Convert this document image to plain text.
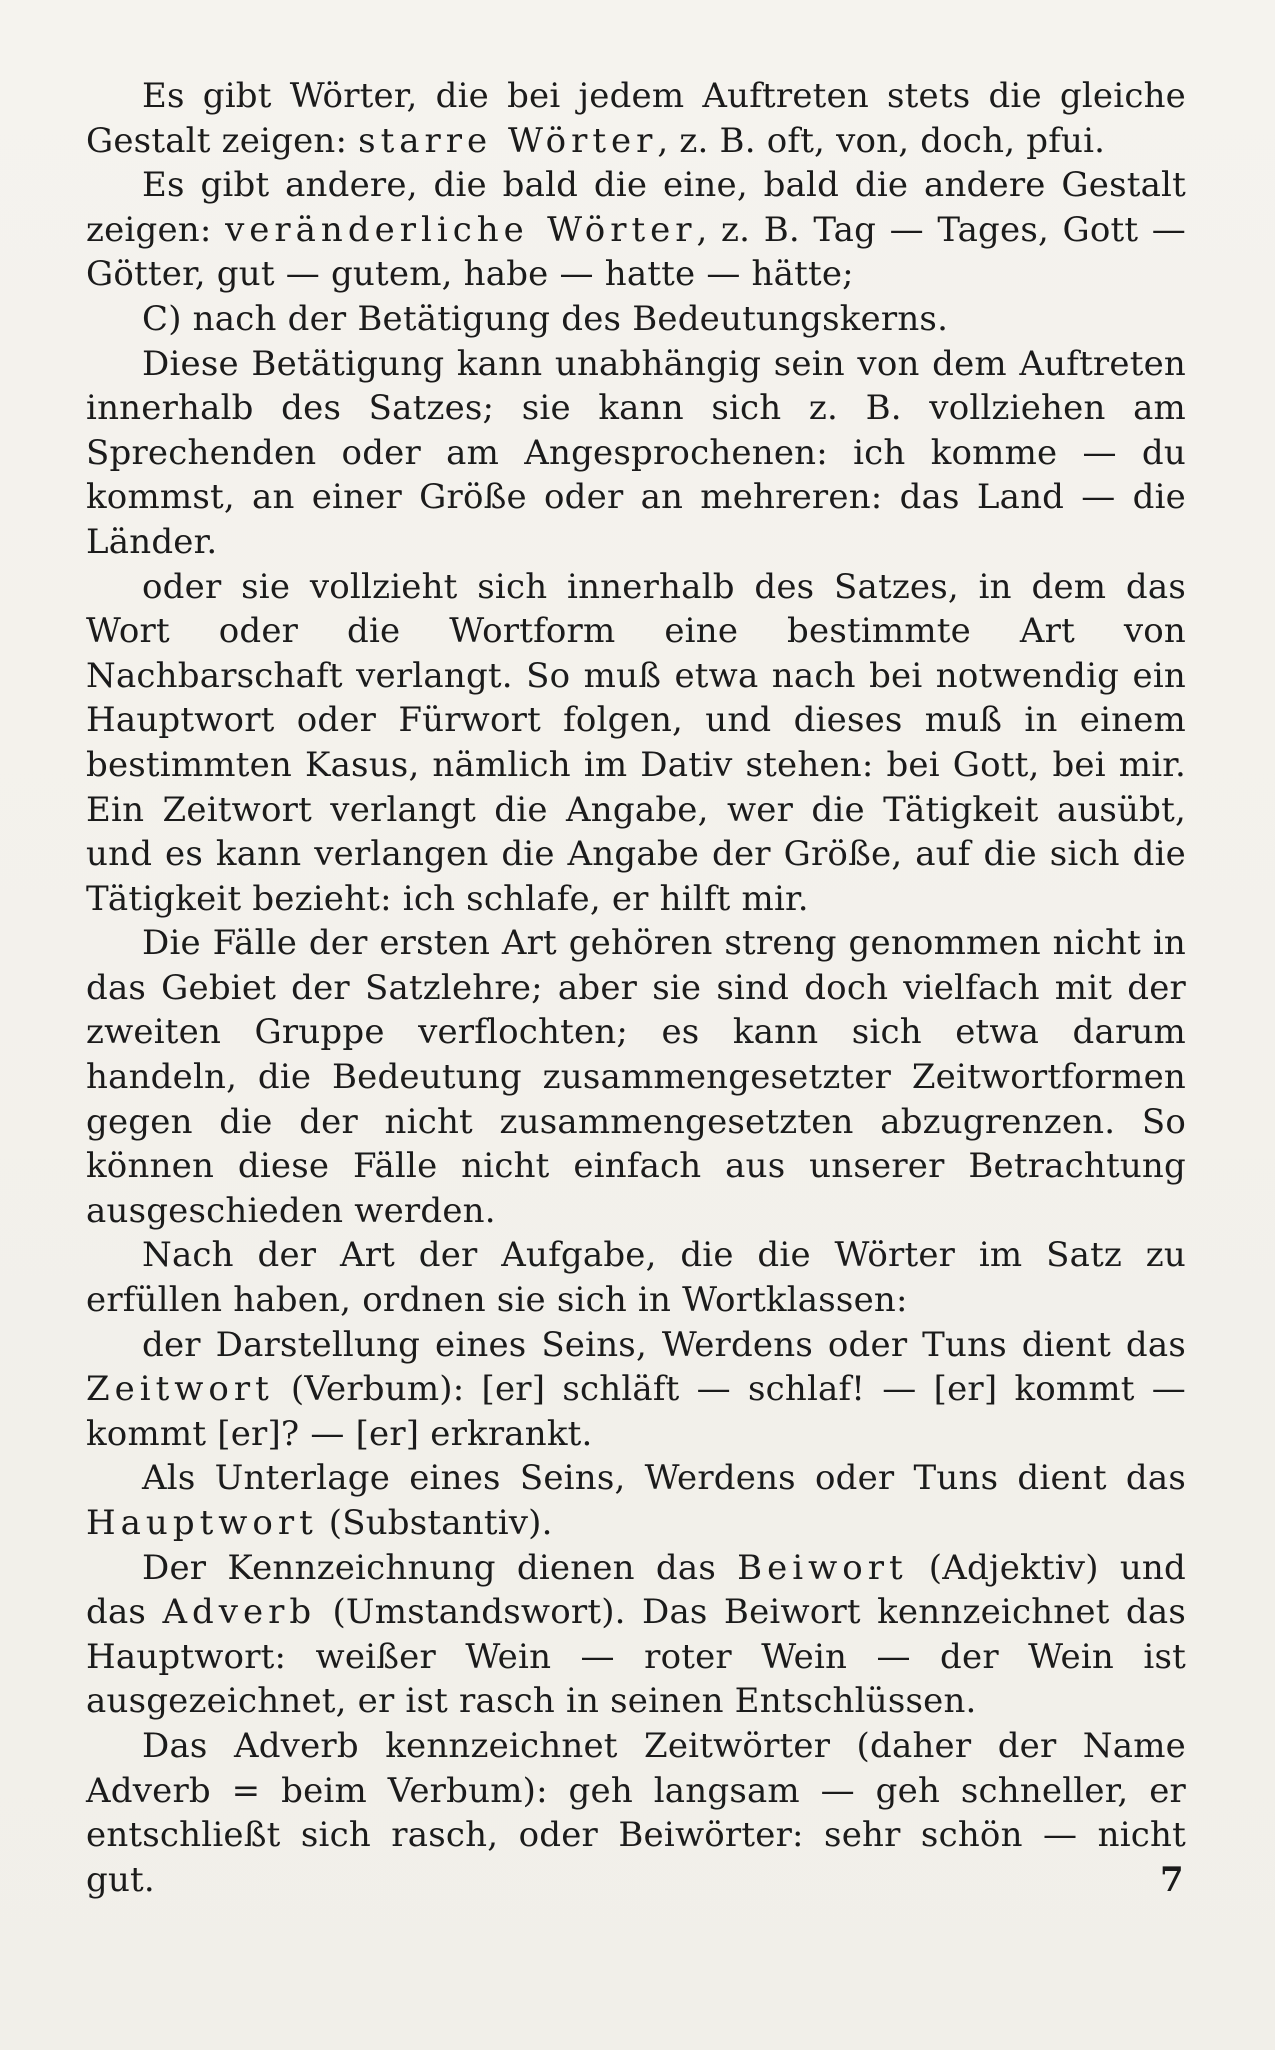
Es gibt Wörter, die bei jedem Auftreten stets die gleiche Gestalt zeigen: starre Wörter, z. B. oft, von, doch, pfui.

Es gibt andere, die bald die eine, bald die andere Gestalt zeigen: veränderliche Wörter, z. B. Tag — Tages, Gott — Götter, gut — gutem, habe — hatte — hätte;

C) nach der Betätigung des Bedeutungskerns.

Diese Betätigung kann unabhängig sein von dem Auftreten innerhalb des Satzes; sie kann sich z. B. vollziehen am Sprechenden oder am Angesprochenen: ich komme — du kommst, an einer Größe oder an mehreren: das Land — die Länder.

oder sie vollzieht sich innerhalb des Satzes, in dem das Wort oder die Wortform eine bestimmte Art von Nachbarschaft verlangt. So muß etwa nach bei notwendig ein Hauptwort oder Fürwort folgen, und dieses muß in einem bestimmten Kasus, nämlich im Dativ stehen: bei Gott, bei mir. Ein Zeitwort verlangt die Angabe, wer die Tätigkeit ausübt, und es kann verlangen die Angabe der Größe, auf die sich die Tätigkeit bezieht: ich schlafe, er hilft mir.

Die Fälle der ersten Art gehören streng genommen nicht in das Gebiet der Satzlehre; aber sie sind doch vielfach mit der zweiten Gruppe verflochten; es kann sich etwa darum handeln, die Bedeutung zusammengesetzter Zeitwortformen gegen die der nicht zusammengesetzten abzugrenzen. So können diese Fälle nicht einfach aus unserer Betrachtung ausgeschieden werden.

Nach der Art der Aufgabe, die die Wörter im Satz zu erfüllen haben, ordnen sie sich in Wortklassen:

der Darstellung eines Seins, Werdens oder Tuns dient das Zeitwort (Verbum): [er] schläft — schlaf! — [er] kommt — kommt [er]? — [er] erkrankt.

Als Unterlage eines Seins, Werdens oder Tuns dient das Hauptwort (Substantiv).

Der Kennzeichnung dienen das Beiwort (Adjektiv) und das Adverb (Umstandswort). Das Beiwort kennzeichnet das Hauptwort: weißer Wein — roter Wein — der Wein ist ausgezeichnet, er ist rasch in seinen Entschlüssen.

Das Adverb kennzeichnet Zeitwörter (daher der Name Adverb = beim Verbum): geh langsam — geh schneller, er entschließt sich rasch, oder Beiwörter: sehr schön — nicht gut.	7
